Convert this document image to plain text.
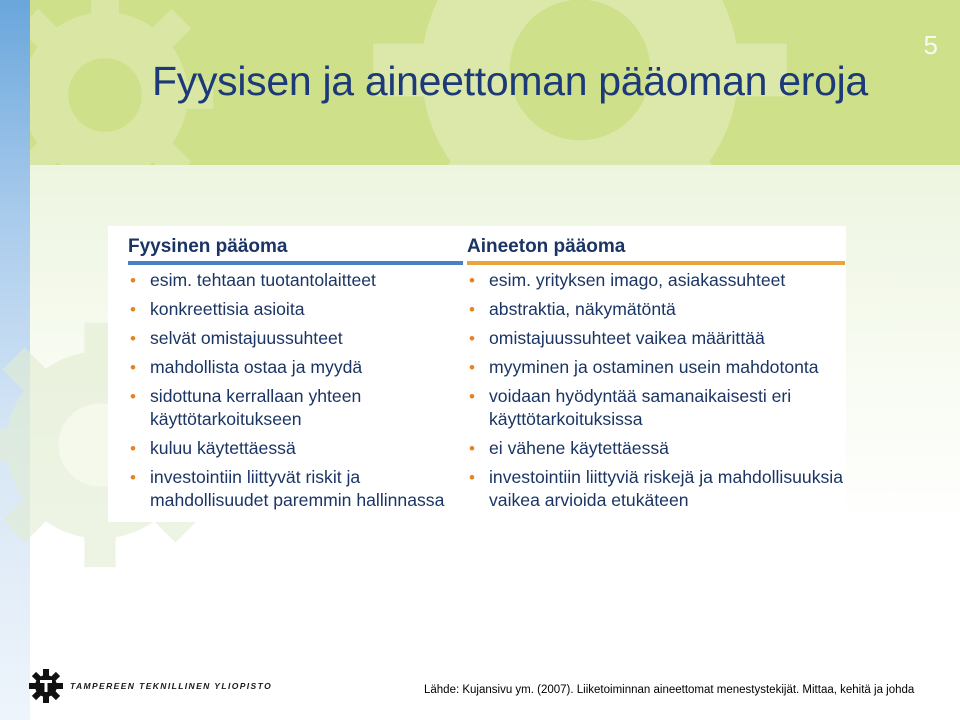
5
Fyysisen ja aineettoman pääoman eroja
Fyysinen pääoma
• esim. tehtaan tuotantolaitteet
• konkreettisia asioita
• selvät omistajuussuhteet
• mahdollista ostaa ja myydä
• sidottuna kerrallaan yhteen käyttötarkoitukseen
• kuluu käytettäessä
• investointiin liittyvät riskit ja mahdollisuudet paremmin hallinnassa
Aineeton pääoma
• esim. yrityksen imago, asiakassuhteet
• abstraktia, näkymätöntä
• omistajuussuhteet vaikea määrittää
• myyminen ja ostaminen usein mahdotonta
• voidaan hyödyntää samanaikaisesti eri käyttötarkoituksissa
• ei vähene käytettäessä
• investointiin liittyviä riskejä ja mahdollisuuksia vaikea arvioida etukäteen
TAMPEREEN TEKNILLINEN YLIOPISTO	Lähde: Kujansivu ym. (2007). Liiketoiminnan aineettomat menestystekijät. Mittaa, kehitä ja johda
